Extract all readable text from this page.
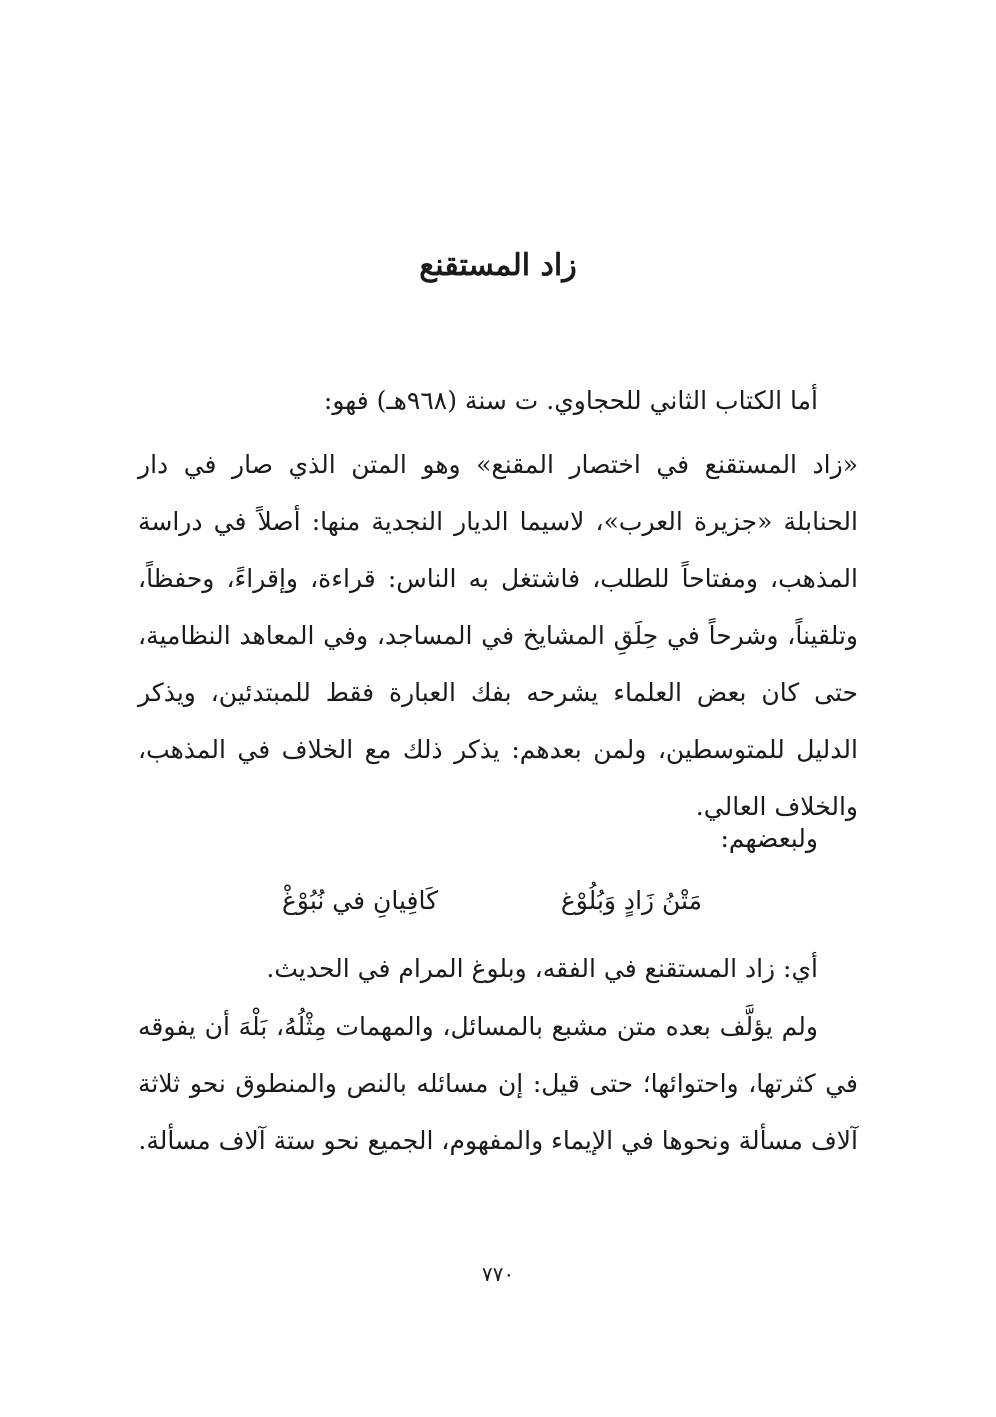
زاد المستقنع
أما الكتاب الثاني للحجاوي. ت سنة (٩٦٨هـ) فهو:
«زاد المستقنع في اختصار المقنع» وهو المتن الذي صار في دار الحنابلة «جزيرة العرب»، لاسيما الديار النجدية منها: أصلاً في دراسة المذهب، ومفتاحاً للطلب، فاشتغل به الناس: قراءة، وإقراءً، وحفظاً، وتلقيناً، وشرحاً في حِلَقِ المشايخ في المساجد، وفي المعاهد النظامية، حتى كان بعض العلماء يشرحه بفك العبارة فقط للمبتدئين، ويذكر الدليل للمتوسطين، ولمن بعدهم: يذكر ذلك مع الخلاف في المذهب، والخلاف العالي.
ولبعضهم:
مَتْنُ زَادٍ وَبُلُوْغ
كَافِيانِ في نُبُوْغْ
أي: زاد المستقنع في الفقه، وبلوغ المرام في الحديث.
ولم يؤلَّف بعده متن مشبع بالمسائل، والمهمات مِثْلُهُ، بَلْهَ أن يفوقه في كثرتها، واحتوائها؛ حتى قيل: إن مسائله بالنص والمنطوق نحو ثلاثة آلاف مسألة ونحوها في الإيماء والمفهوم، الجميع نحو ستة آلاف مسألة.
٧٧٠
